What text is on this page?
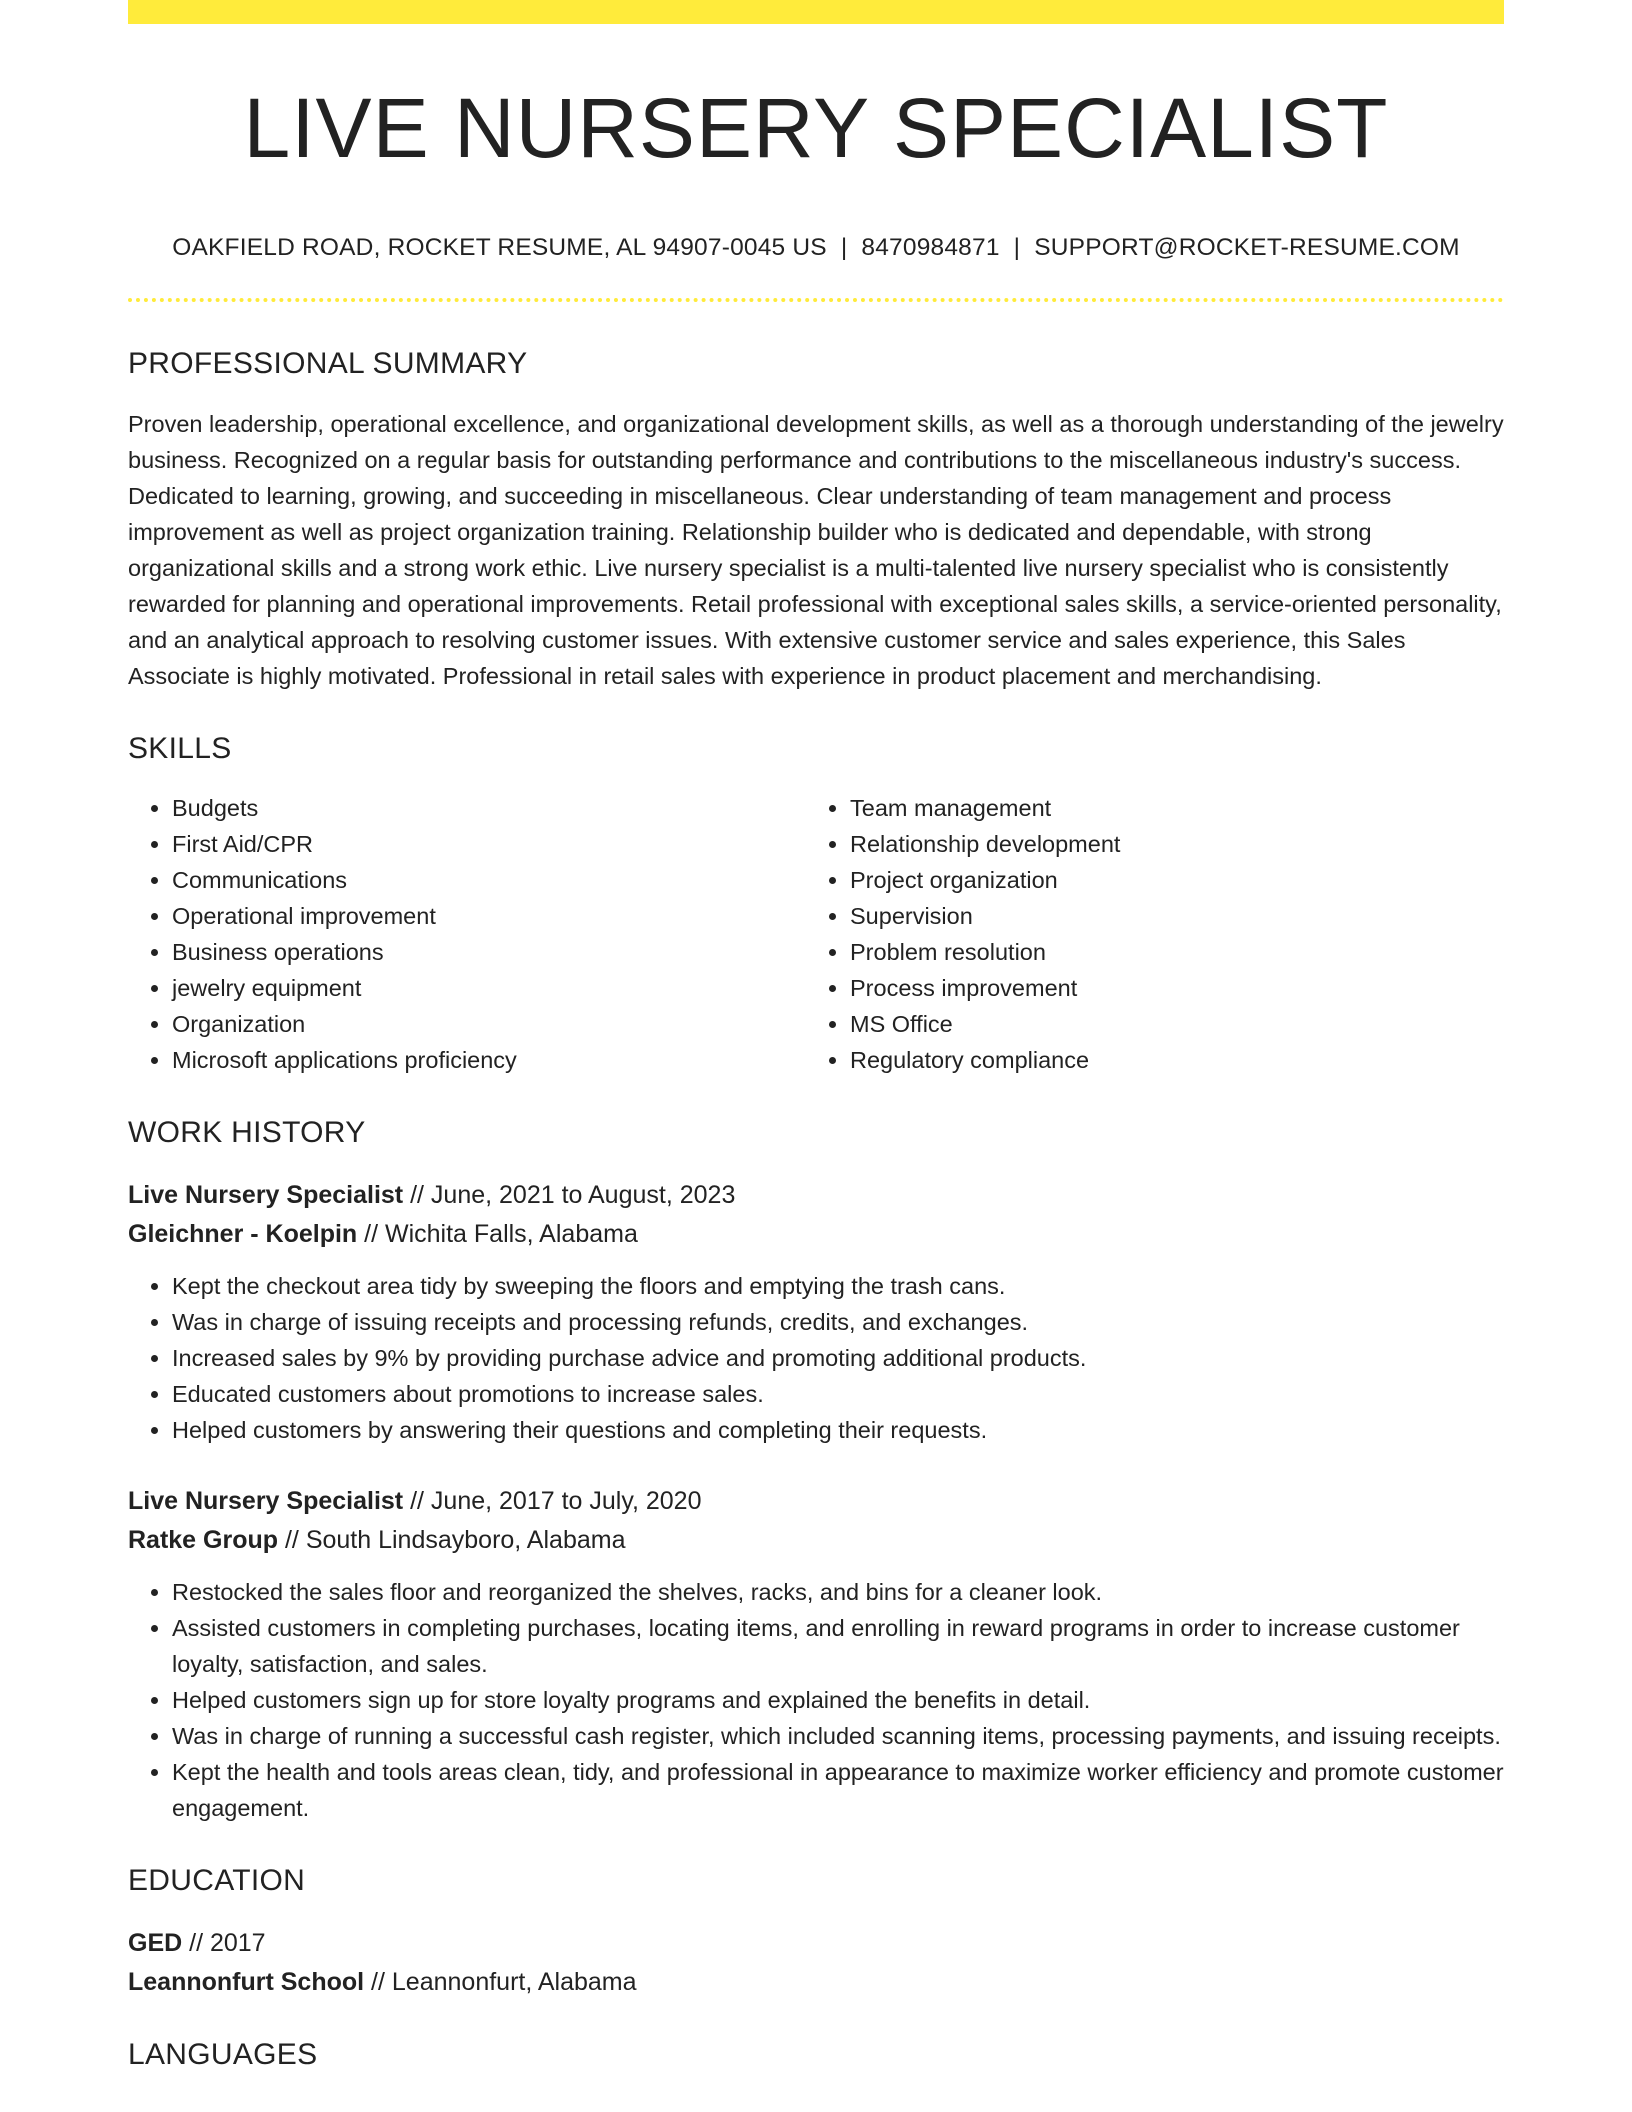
LIVE NURSERY SPECIALIST
OAKFIELD ROAD, ROCKET RESUME, AL 94907-0045 US | 8470984871 | SUPPORT@ROCKET-RESUME.COM
PROFESSIONAL SUMMARY
Proven leadership, operational excellence, and organizational development skills, as well as a thorough understanding of the jewelry business. Recognized on a regular basis for outstanding performance and contributions to the miscellaneous industry's success. Dedicated to learning, growing, and succeeding in miscellaneous. Clear understanding of team management and process improvement as well as project organization training. Relationship builder who is dedicated and dependable, with strong organizational skills and a strong work ethic. Live nursery specialist is a multi-talented live nursery specialist who is consistently rewarded for planning and operational improvements. Retail professional with exceptional sales skills, a service-oriented personality, and an analytical approach to resolving customer issues. With extensive customer service and sales experience, this Sales Associate is highly motivated. Professional in retail sales with experience in product placement and merchandising.
SKILLS
• Budgets
• First Aid/CPR
• Communications
• Operational improvement
• Business operations
• jewelry equipment
• Organization
• Microsoft applications proficiency
• Team management
• Relationship development
• Project organization
• Supervision
• Problem resolution
• Process improvement
• MS Office
• Regulatory compliance
WORK HISTORY
Live Nursery Specialist // June, 2021 to August, 2023
Gleichner - Koelpin // Wichita Falls, Alabama
• Kept the checkout area tidy by sweeping the floors and emptying the trash cans.
• Was in charge of issuing receipts and processing refunds, credits, and exchanges.
• Increased sales by 9% by providing purchase advice and promoting additional products.
• Educated customers about promotions to increase sales.
• Helped customers by answering their questions and completing their requests.
Live Nursery Specialist // June, 2017 to July, 2020
Ratke Group // South Lindsayboro, Alabama
• Restocked the sales floor and reorganized the shelves, racks, and bins for a cleaner look.
• Assisted customers in completing purchases, locating items, and enrolling in reward programs in order to increase customer loyalty, satisfaction, and sales.
• Helped customers sign up for store loyalty programs and explained the benefits in detail.
• Was in charge of running a successful cash register, which included scanning items, processing payments, and issuing receipts.
• Kept the health and tools areas clean, tidy, and professional in appearance to maximize worker efficiency and promote customer engagement.
EDUCATION
GED // 2017
Leannonfurt School // Leannonfurt, Alabama
LANGUAGES
